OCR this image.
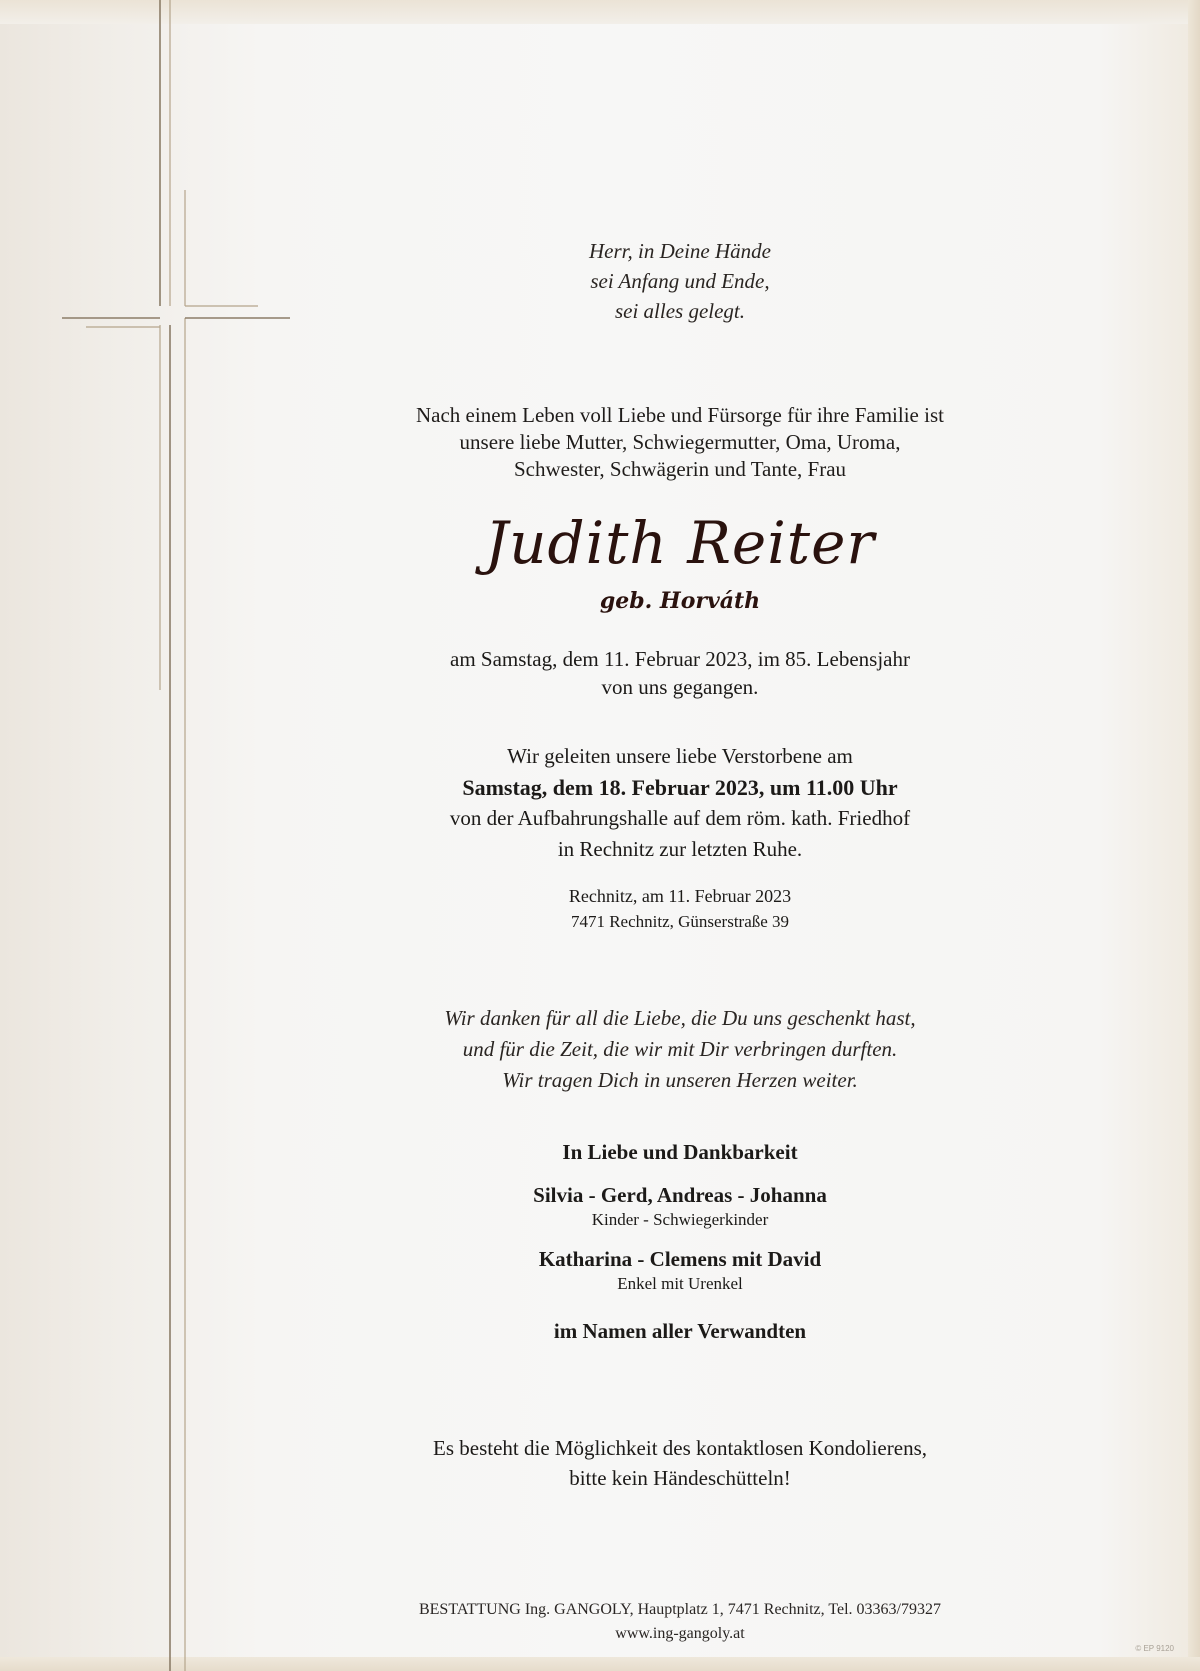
Herr, in Deine Hände
sei Anfang und Ende,
sei alles gelegt.
Nach einem Leben voll Liebe und Fürsorge für ihre Familie ist
unsere liebe Mutter, Schwiegermutter, Oma, Uroma,
Schwester, Schwägerin und Tante, Frau
Judith Reiter
geb. Horváth
am Samstag, dem 11. Februar 2023, im 85. Lebensjahr
von uns gegangen.
Wir geleiten unsere liebe Verstorbene am
Samstag, dem 18. Februar 2023, um 11.00 Uhr
von der Aufbahrungshalle auf dem röm. kath. Friedhof
in Rechnitz zur letzten Ruhe.
Rechnitz, am 11. Februar 2023
7471 Rechnitz, Günserstraße 39
Wir danken für all die Liebe, die Du uns geschenkt hast,
und für die Zeit, die wir mit Dir verbringen durften.
Wir tragen Dich in unseren Herzen weiter.
In Liebe und Dankbarkeit
Silvia - Gerd, Andreas - Johanna
Kinder - Schwiegerkinder
Katharina - Clemens mit David
Enkel mit Urenkel
im Namen aller Verwandten
Es besteht die Möglichkeit des kontaktlosen Kondolierens,
bitte kein Händeschütteln!
BESTATTUNG Ing. GANGOLY, Hauptplatz 1, 7471 Rechnitz, Tel. 03363/79327
www.ing-gangoly.at
© EP 9120
